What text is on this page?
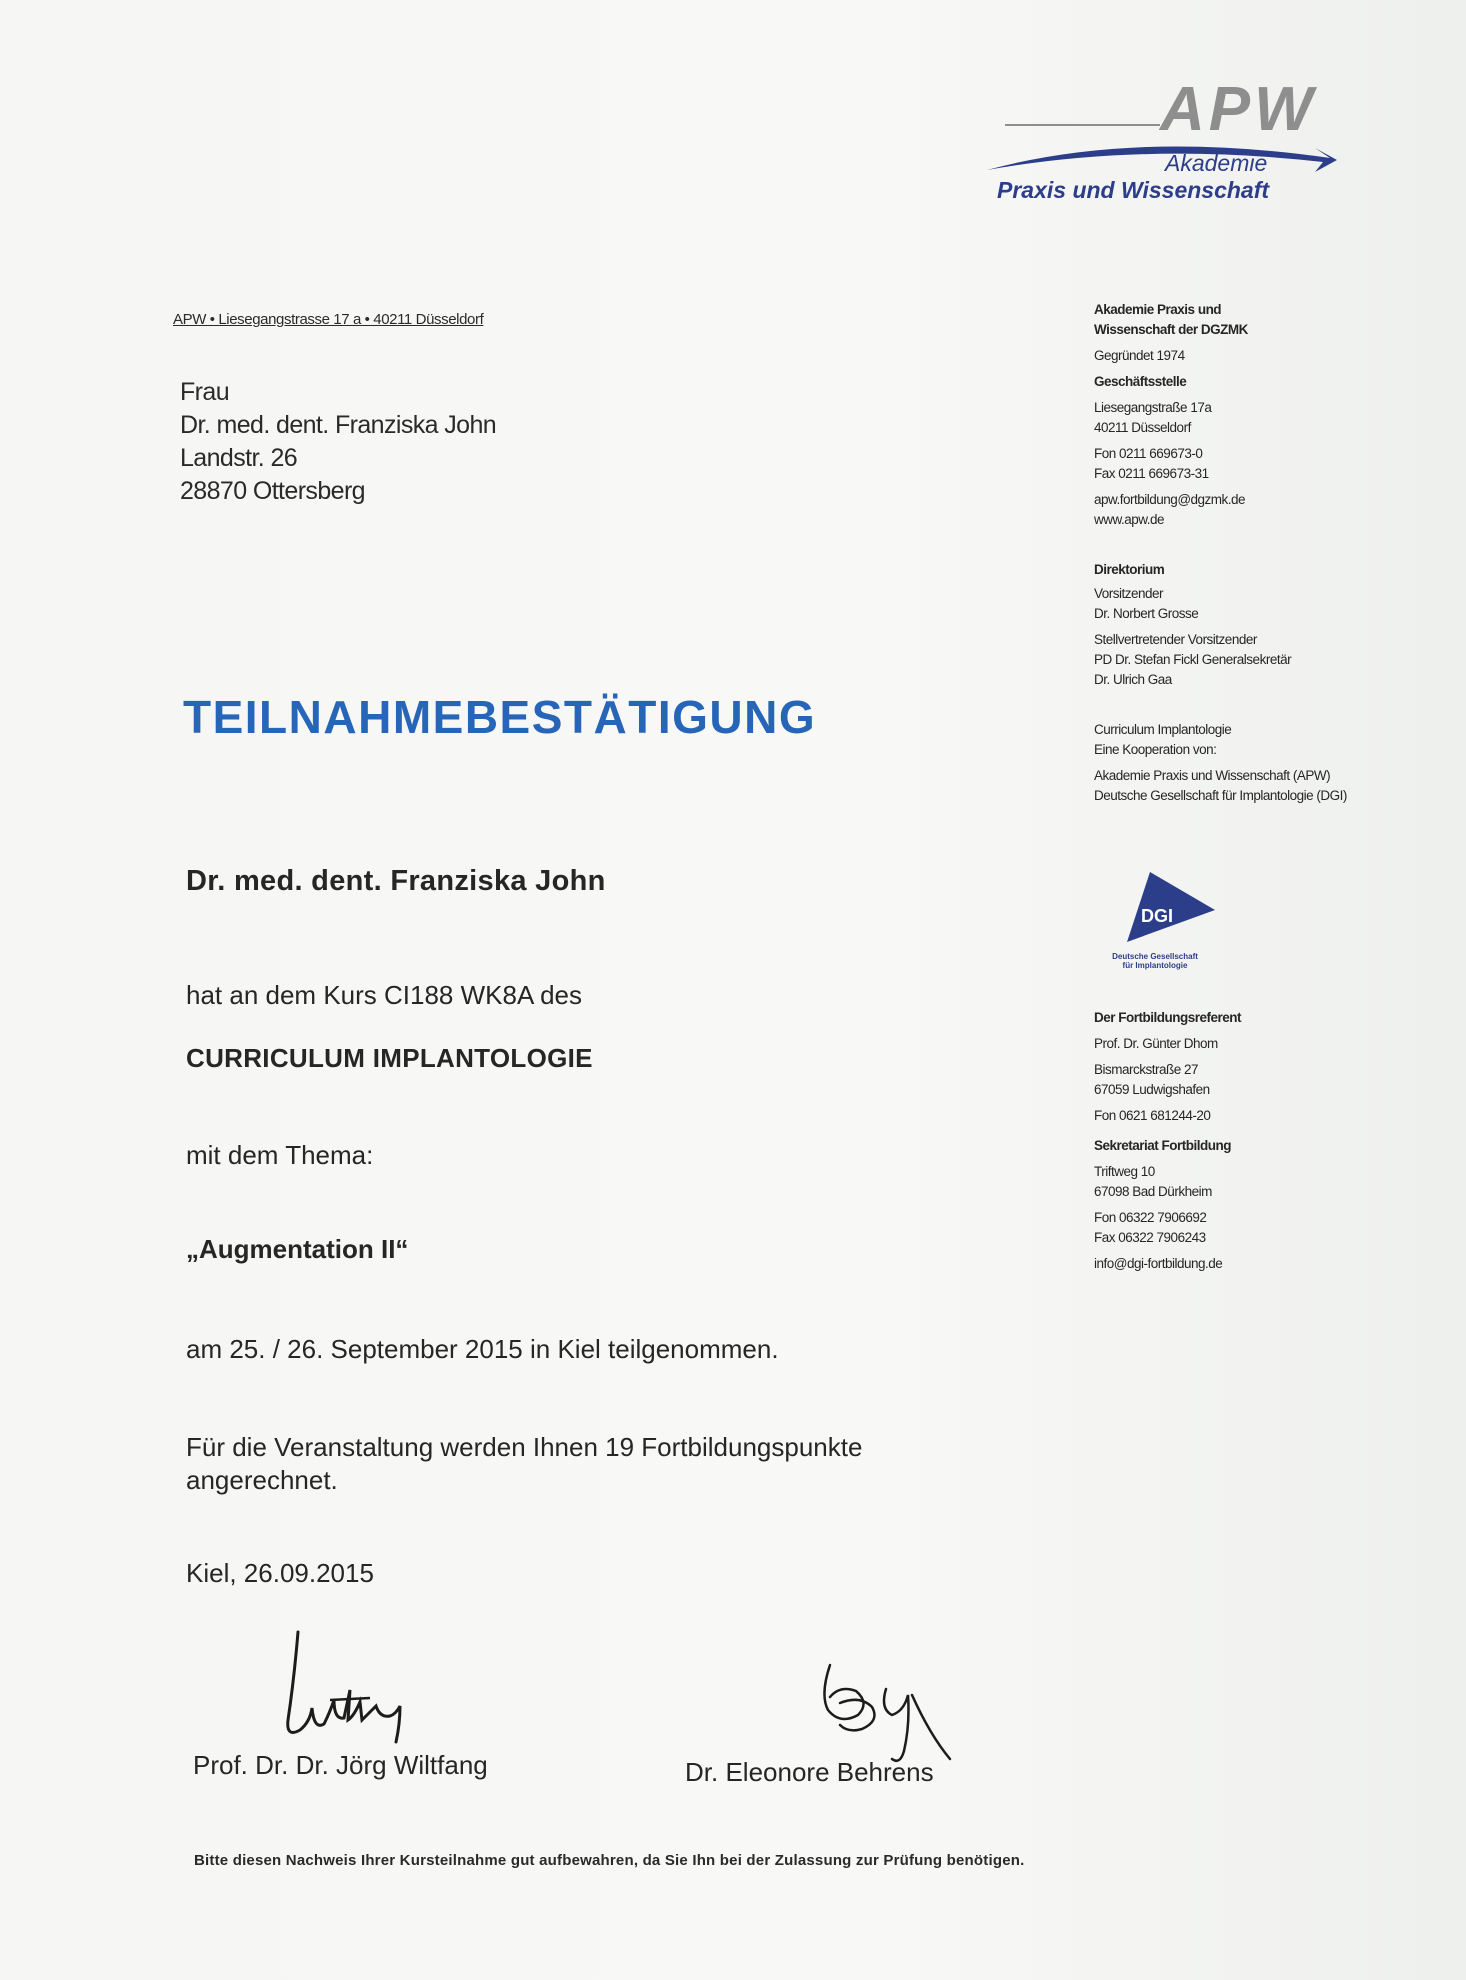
APW
Akademie
Praxis und Wissenschaft
APW • Liesegangstrasse 17 a • 40211 Düsseldorf
Frau
Dr. med. dent. Franziska John
Landstr. 26
28870 Ottersberg
Akademie Praxis und
Wissenschaft der DGZMK
Gegründet 1974
Geschäftsstelle
Liesegangstraße 17a
40211 Düsseldorf
Fon 0211 669673-0
Fax 0211 669673-31
apw.fortbildung@dgzmk.de
www.apw.de
Direktorium
Vorsitzender
Dr. Norbert Grosse
Stellvertretender Vorsitzender
PD Dr. Stefan Fickl Generalsekretär
Dr. Ulrich Gaa
Curriculum Implantologie
Eine Kooperation von:
Akademie Praxis und Wissenschaft (APW)
Deutsche Gesellschaft für Implantologie (DGI)
DGI
Deutsche Gesellschaft
für Implantologie
Der Fortbildungsreferent
Prof. Dr. Günter Dhom
Bismarckstraße 27
67059 Ludwigshafen
Fon 0621 681244-20
Sekretariat Fortbildung
Triftweg 10
67098 Bad Dürkheim
Fon 06322 7906692
Fax 06322 7906243
info@dgi-fortbildung.de
TEILNAHMEBESTÄTIGUNG
Dr. med. dent. Franziska John
hat an dem Kurs CI188 WK8A des
CURRICULUM IMPLANTOLOGIE
mit dem Thema:
„Augmentation II“
am 25. / 26. September 2015 in Kiel teilgenommen.
Für die Veranstaltung werden Ihnen 19 Fortbildungspunkte angerechnet.
Kiel, 26.09.2015
Prof. Dr. Dr. Jörg Wiltfang	Dr. Eleonore Behrens
Bitte diesen Nachweis Ihrer Kursteilnahme gut aufbewahren, da Sie Ihn bei der Zulassung zur Prüfung benötigen.
